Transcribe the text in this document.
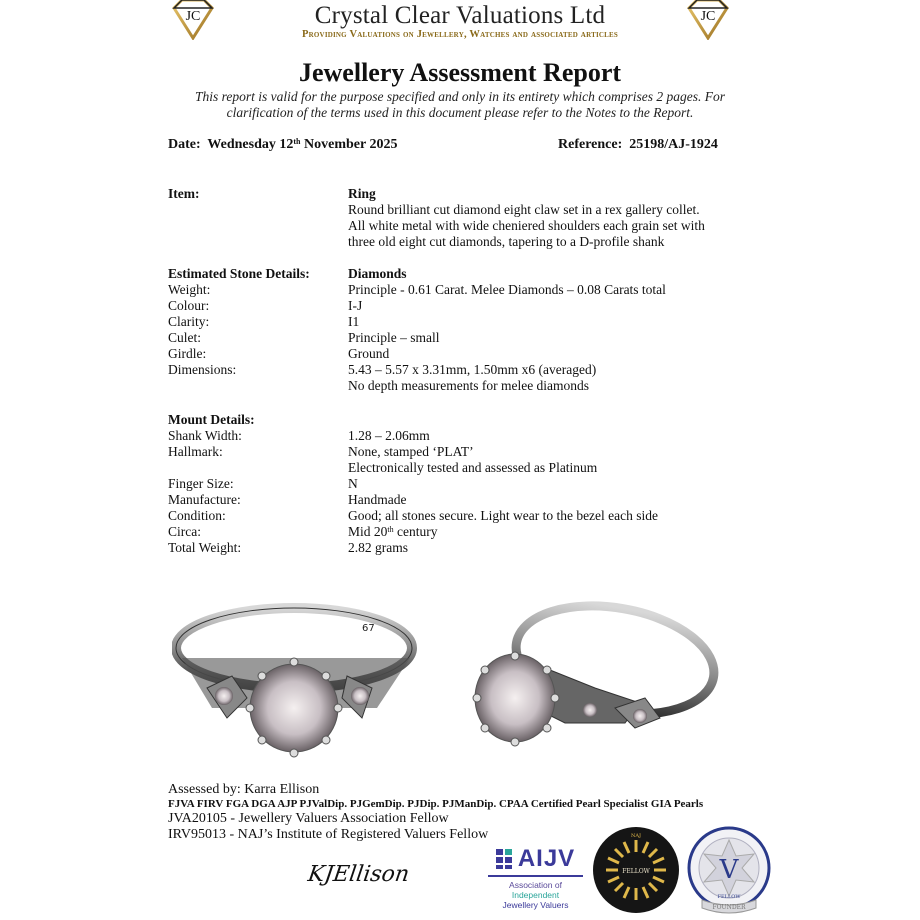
JC	JC
Crystal Clear Valuations Ltd
Providing Valuations on Jewellery, Watches and associated articles
Jewellery Assessment Report
This report is valid for the purpose specified and only in its entirety which comprises 2 pages. For clarification of the terms used in this document please refer to the Notes to the Report.
Date: Wednesday 12th November 2025	Reference: 25198/AJ-1924
Item:	Ring
Round brilliant cut diamond eight claw set in a rex gallery collet.
All white metal with wide cheniered shoulders each grain set with
three old eight cut diamonds, tapering to a D-profile shank
Estimated Stone Details:	Diamonds
Weight:	Principle - 0.61 Carat. Melee Diamonds – 0.08 Carats total
Colour:	I-J
Clarity:	I1
Culet:	Principle – small
Girdle:	Ground
Dimensions:	5.43 – 5.57 x 3.31mm, 1.50mm x6 (averaged)
No depth measurements for melee diamonds
Mount Details:
Shank Width:	1.28 – 2.06mm
Hallmark:	None, stamped ‘PLAT’
Electronically tested and assessed as Platinum
Finger Size:	N
Manufacture:	Handmade
Condition:	Good; all stones secure. Light wear to the bezel each side
Circa:	Mid 20th century
Total Weight:	2.82 grams
67
Assessed by: Karra Ellison
FJVA FIRV FGA DGA AJP PJValDip. PJGemDip. PJDip. PJManDip. CPAA Certified Pearl Specialist GIA Pearls
JVA20105 - Jewellery Valuers Association Fellow
IRV95013 - NAJ’s Institute of Registered Valuers Fellow
KJEllison
AIJV
Association of
Independent
Jewellery Valuers
FELLOW
NAJ
V
FOUNDER
FELLOW
